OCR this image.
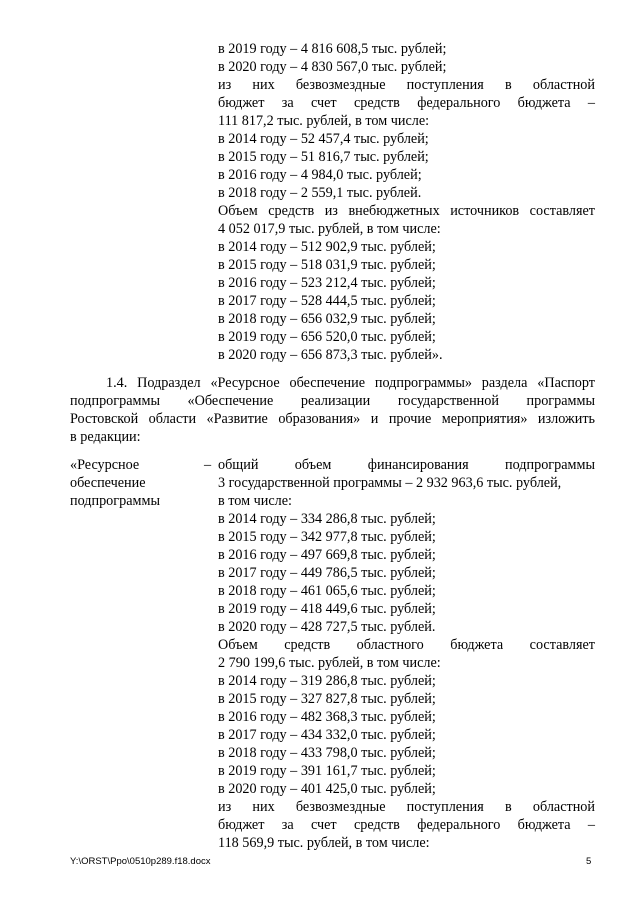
в 2019 году – 4 816 608,5 тыс. рублей;
в 2020 году – 4 830 567,0 тыс. рублей;
из них безвозмездные поступления в областной
бюджет за счет средств федерального бюджета –
111 817,2 тыс. рублей, в том числе:
в 2014 году – 52 457,4 тыс. рублей;
в 2015 году – 51 816,7 тыс. рублей;
в 2016 году – 4 984,0 тыс. рублей;
в 2018 году – 2 559,1 тыс. рублей.
Объем средств из внебюджетных источников составляет
4 052 017,9 тыс. рублей, в том числе:
в 2014 году – 512 902,9 тыс. рублей;
в 2015 году – 518 031,9 тыс. рублей;
в 2016 году – 523 212,4 тыс. рублей;
в 2017 году – 528 444,5 тыс. рублей;
в 2018 году – 656 032,9 тыс. рублей;
в 2019 году – 656 520,0 тыс. рублей;
в 2020 году – 656 873,3 тыс. рублей».
1.4. Подраздел «Ресурсное обеспечение подпрограммы» раздела «Паспорт
подпрограммы «Обеспечение реализации государственной программы
Ростовской области «Развитие образования» и прочие мероприятия» изложить
в редакции:
«Ресурсное
обеспечение
подпрограммы
– общий объем финансирования подпрограммы
3 государственной программы – 2 932 963,6 тыс. рублей,
в том числе:
в 2014 году – 334 286,8 тыс. рублей;
в 2015 году – 342 977,8 тыс. рублей;
в 2016 году – 497 669,8 тыс. рублей;
в 2017 году – 449 786,5 тыс. рублей;
в 2018 году – 461 065,6 тыс. рублей;
в 2019 году – 418 449,6 тыс. рублей;
в 2020 году – 428 727,5 тыс. рублей.
Объем средств областного бюджета составляет
2 790 199,6 тыс. рублей, в том числе:
в 2014 году – 319 286,8 тыс. рублей;
в 2015 году – 327 827,8 тыс. рублей;
в 2016 году – 482 368,3 тыс. рублей;
в 2017 году – 434 332,0 тыс. рублей;
в 2018 году – 433 798,0 тыс. рублей;
в 2019 году – 391 161,7 тыс. рублей;
в 2020 году – 401 425,0 тыс. рублей;
из них безвозмездные поступления в областной
бюджет за счет средств федерального бюджета –
118 569,9 тыс. рублей, в том числе:
Y:\ORST\Ppo\0510p289.f18.docx	5
